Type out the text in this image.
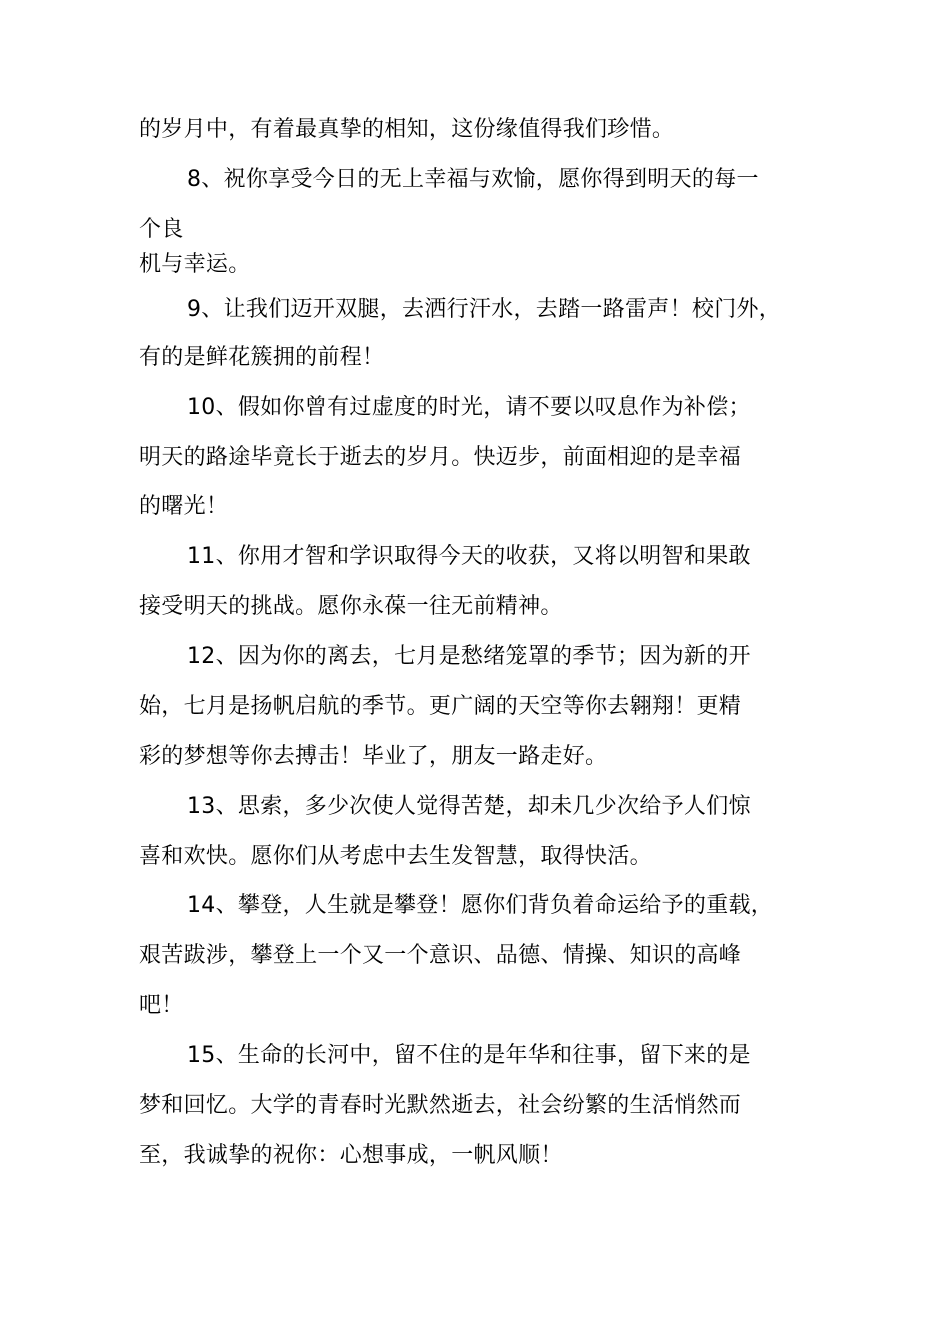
的岁月中，有着最真挚的相知，这份缘值得我们珍惜。
8、祝你享受今日的无上幸福与欢愉，愿你得到明天的每一
个良
机与幸运。
9、让我们迈开双腿，去洒行汗水，去踏一路雷声！校门外，
有的是鲜花簇拥的前程！
10、假如你曾有过虚度的时光，请不要以叹息作为补偿；
明天的路途毕竟长于逝去的岁月。快迈步，前面相迎的是幸福
的曙光！
11、你用才智和学识取得今天的收获，又将以明智和果敢
接受明天的挑战。愿你永葆一往无前精神。
12、因为你的离去，七月是愁绪笼罩的季节；因为新的开
始，七月是扬帆启航的季节。更广阔的天空等你去翱翔！更精
彩的梦想等你去搏击！毕业了，朋友一路走好。
13、思索，多少次使人觉得苦楚，却未几少次给予人们惊
喜和欢快。愿你们从考虑中去生发智慧，取得快活。
14、攀登，人生就是攀登！愿你们背负着命运给予的重载，
艰苦跋涉，攀登上一个又一个意识、品德、情操、知识的高峰
吧！
15、生命的长河中，留不住的是年华和往事，留下来的是
梦和回忆。大学的青春时光默然逝去，社会纷繁的生活悄然而
至，我诚挚的祝你：心想事成，一帆风顺！
